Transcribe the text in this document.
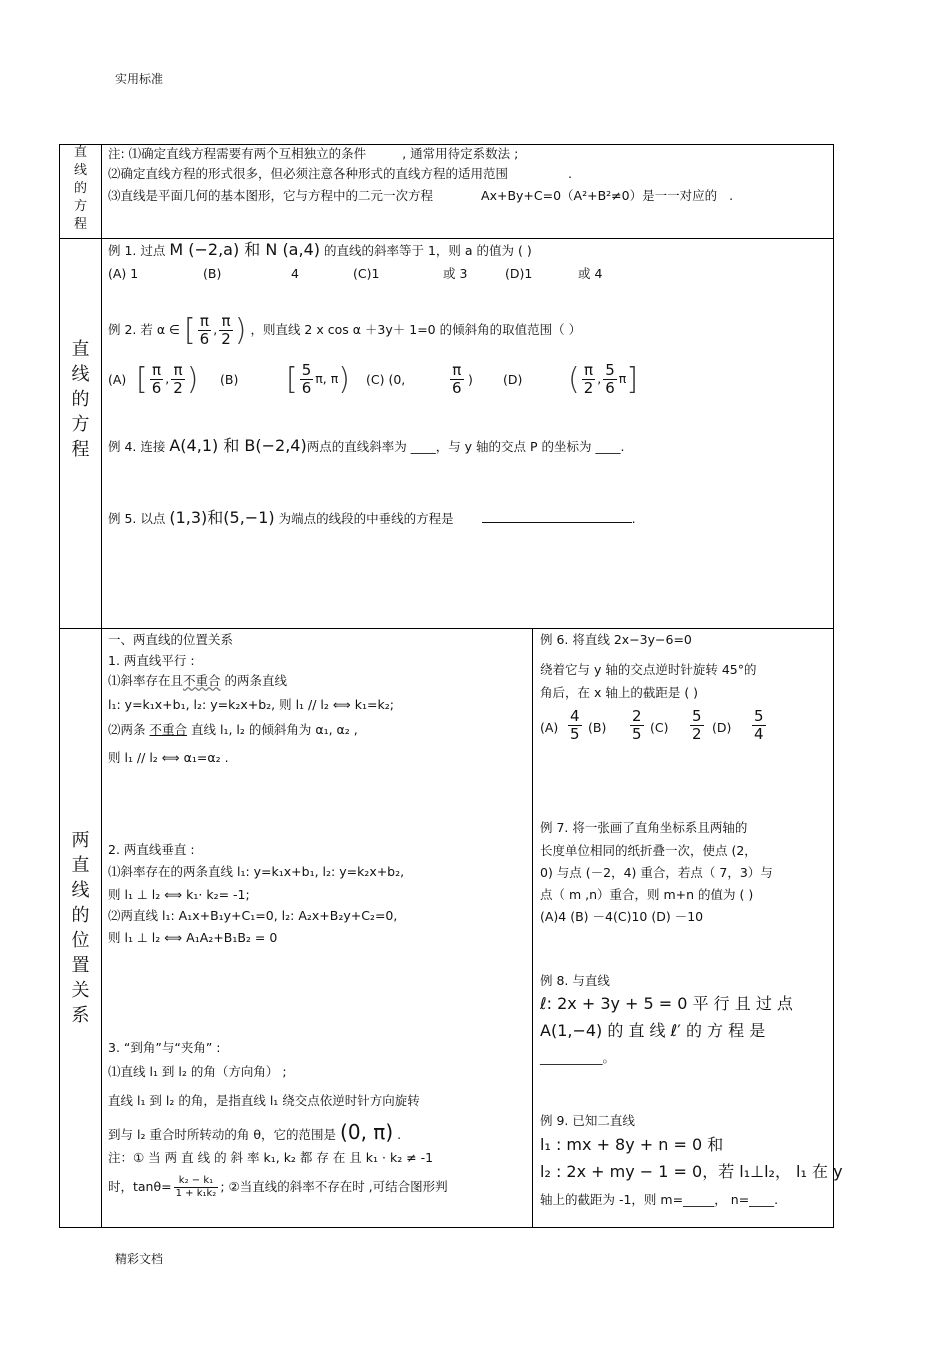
实用标准
直
线
的
方
程
注: ⑴确定直线方程需要有两个互相独立的条件	, 通常用待定系数法 ;
⑵确定直线方程的形式很多，但必须注意各种形式的直线方程的适用范围	.
⑶直线是平面几何的基本图形，它与方程中的二元一次方程	Ax+By+C=0（A²+B²≠0）是一一对应的 .
直
线
的
方
程
例 1. 过点 M (−2,a) 和 N (a,4) 的直线的斜率等于 1，则 a 的值为 ( )
(A) 1	(B)	4	(C)1	或 3	(D)1	或 4
例 2. 若 α ∈ [ $\frac{\pi}{6}$ , $\frac{\pi}{2}$ ) ，则直线 2 x cos α ＋3y＋ 1=0 的倾斜角的取值范围（ ）
(A) [ $\frac{\pi}{6}$ , $\frac{\pi}{2}$ ) (B) [ $\frac{5}{6} \pi$, π) (C) (0,	$\frac{\pi}{6}$ ) (D) ( $\frac{\pi}{2}$ , $\frac{5}{6} \pi$]
例 4. 连接 A(4,1) 和 B(−2,4)两点的直线斜率为 ____，与 y 轴的交点 P 的坐标为 ____.
例 5. 以点 (1,3)和(5,−1) 为端点的线段的中垂线的方程是	.
两
直
线
的
位
置
关
系
一、两直线的位置关系
1. 两直线平行 :
⑴斜率存在且不重合 的两条直线
l₁: y=k₁x+b₁, l₂: y=k₂x+b₂, 则 l₁ // l₂ ⟺ k₁=k₂;
⑵两条 不重合 直线 l₁, l₂ 的倾斜角为 α₁, α₂ ,
则 l₁ // l₂ ⟺ α₁=α₂ .
2. 两直线垂直 :
⑴斜率存在的两条直线 l₁: y=k₁x+b₁, l₂: y=k₂x+b₂,
则 l₁ ⊥ l₂ ⟺ k₁· k₂= -1;
⑵两直线 l₁: A₁x+B₁y+C₁=0, l₂: A₂x+B₂y+C₂=0,
则 l₁ ⊥ l₂ ⟺ A₁A₂+B₁B₂ = 0
3. “到角”与“夹角” :
⑴直线 l₁ 到 l₂ 的角（方向角） ;
直线 l₁ 到 l₂ 的角，是指直线 l₁ 绕交点依逆时针方向旋转
到与 l₂ 重合时所转动的角 θ，它的范围是 (0, π) .
注：① 当 两 直 线 的 斜 率 k₁, k₂ 都 存 在 且 k₁ · k₂ ≠ -1
时，$\tan\theta= \frac{\text{k₂ − k₁}}{\text{1 + k₁k₂}}$ ; ②当直线的斜率不存在时 ,可结合图形判
例 6. 将直线 2x−3y−6=0
绕着它与 y 轴的交点逆时针旋转 45°的
角后，在 x 轴上的截距是 ( )
$(A) \frac{4}{5} (B) \frac{2}{5} (C) \frac{5}{2} (D) \frac{5}{4}$
例 7. 将一张画了直角坐标系且两轴的
长度单位相同的纸折叠一次，使点 (2，
0) 与点 (－2，4) 重合，若点（ 7，3）与
点（ m ,n）重合，则 m+n 的值为 ( )
(A)4 (B) －4(C)10 (D) －10
例 8. 与直线
ℓ: 2x + 3y + 5 = 0 平 行 且 过 点
A(1,−4) 的 直 线 ℓ′ 的 方 程 是
__________。
例 9. 已知二直线
l₁ : mx + 8y + n = 0 和
l₂ : 2x + my − 1 = 0，若 l₁⊥l₂， l₁ 在 y
轴上的截距为 -1，则 m=_____， n=____.
精彩文档
